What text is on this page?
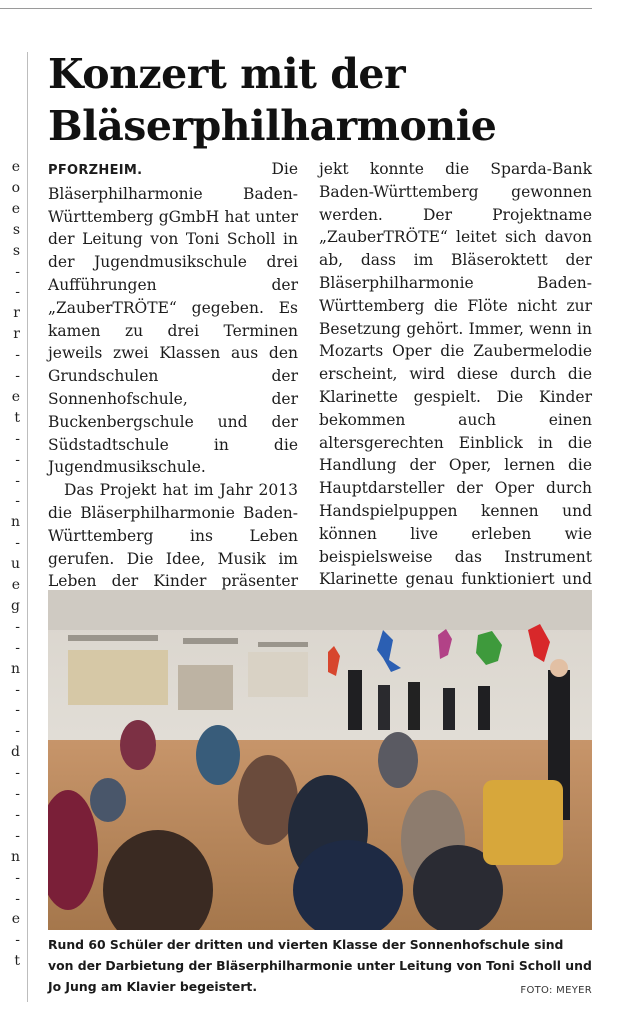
e
o
e
s
s
-
-
r
r
-
-
e
t
-
-
-
-
n
-
u
e
g
-
-
n
-
-
-
d
-
-
-
-
n
-
-
e
-
t
Konzert mit der Bläserphilharmonie

PFORZHEIM.	Die Bläserphilharmonie Baden-Württemberg gGmbH hat unter der Leitung von Toni Scholl in der Jugendmusikschule drei Aufführungen der „ZauberTRÖTE“ gegeben. Es kamen zu drei Terminen jeweils zwei Klassen aus den Grundschulen der Sonnenhofschule, der Buckenbergschule und der Südstadtschule in die Jugendmusikschule.

Das Projekt hat im Jahr 2013 die Bläserphilharmonie Baden-Württemberg ins Leben gerufen. Die Idee, Musik im Leben der Kinder präsenter

jekt konnte die Sparda-Bank Baden-Württemberg gewonnen werden. Der Projektname „ZauberTRÖTE“ leitet sich davon ab, dass im Bläseroktett der Bläserphilharmonie Baden-Württemberg die Flöte nicht zur Besetzung gehört. Immer, wenn in Mozarts Oper die Zaubermelodie erscheint, wird diese durch die Klarinette gespielt. Die Kinder bekommen auch einen altersgerechten Einblick in die Handlung der Oper, lernen die Hauptdarsteller der Oper durch Handspielpuppen kennen und können live erleben wie beispielsweise das Instrument Klarinette genau funktioniert und

Rund 60 Schüler der dritten und vierten Klasse der Sonnenhofschule sind von der Darbietung der Bläserphilharmonie unter Leitung von Toni Scholl und Jo Jung am Klavier begeistert.	FOTO: MEYER
